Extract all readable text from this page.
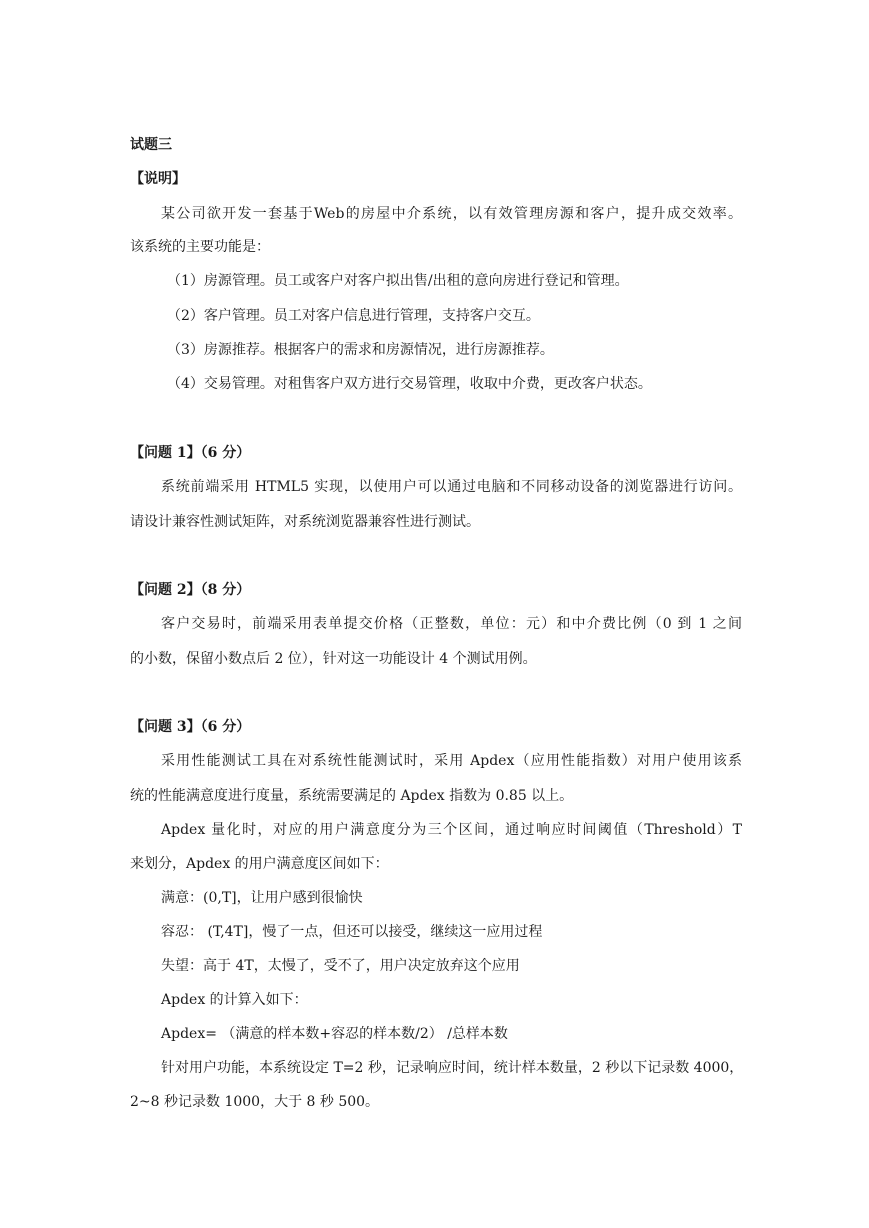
试题三
【说明】
某公司欲开发一套基于Web的房屋中介系统，以有效管理房源和客户，提升成交效率。
该系统的主要功能是：
（1）房源管理。员工或客户对客户拟出售/出租的意向房进行登记和管理。
（2）客户管理。员工对客户信息进行管理，支持客户交互。
（3）房源推荐。根据客户的需求和房源情况，进行房源推荐。
（4）交易管理。对租售客户双方进行交易管理，收取中介费，更改客户状态。
【问题 1】（6 分）
系统前端采用 HTML5 实现，以使用户可以通过电脑和不同移动设备的浏览器进行访问。
请设计兼容性测试矩阵，对系统浏览器兼容性进行测试。
【问题 2】（8 分）
客户交易时，前端采用表单提交价格（正整数，单位：元）和中介费比例（0 到 1 之间
的小数，保留小数点后 2 位），针对这一功能设计 4 个测试用例。
【问题 3】（6 分）
采用性能测试工具在对系统性能测试时，采用 Apdex（应用性能指数）对用户使用该系
统的性能满意度进行度量，系统需要满足的 Apdex 指数为 0.85 以上。
Apdex 量化时，对应的用户满意度分为三个区间，通过响应时间阈值（Threshold）T
来划分，Apdex 的用户满意度区间如下：
满意：(0,T]，让用户感到很愉快
容忍： (T,4T]，慢了一点，但还可以接受，继续这一应用过程
失望：高于 4T，太慢了，受不了，用户决定放弃这个应用
Apdex 的计算入如下：
Apdex= （满意的样本数+容忍的样本数/2） /总样本数
针对用户功能，本系统设定 T=2 秒，记录响应时间，统计样本数量，2 秒以下记录数 4000，
2~8 秒记录数 1000，大于 8 秒 500。
